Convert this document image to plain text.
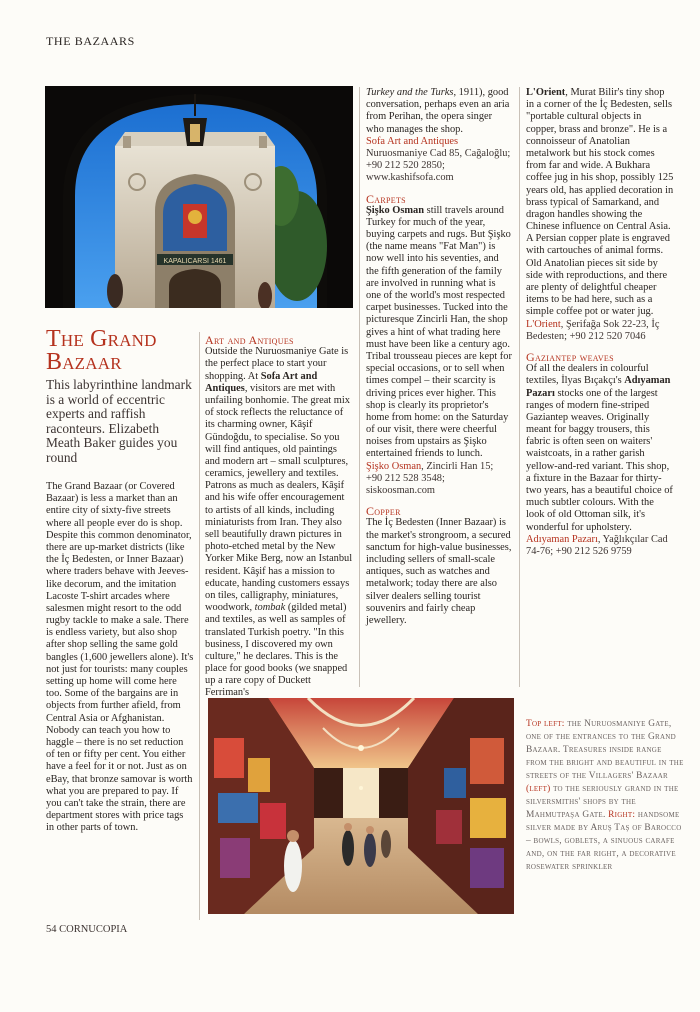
THE BAZAARS
KAPALICARSI 1461
The Grand Bazaar
This labyrinthine landmark is a world of eccentric experts and raffish raconteurs. Elizabeth Meath Baker guides you round

The Grand Bazaar (or Covered Bazaar) is less a market than an entire city of sixty-five streets where all people ever do is shop. Despite this common denominator, there are up-market districts (like the İç Bedesten, or Inner Bazaar) where traders behave with Jeeves-like decorum, and the imitation Lacoste T-shirt arcades where salesmen might resort to the odd rugby tackle to make a sale. There is endless variety, but also shop after shop selling the same gold bangles (1,600 jewellers alone). It's not just for tourists: many couples setting up home will come here too. Some of the bargains are in objects from further afield, from Central Asia or Afghanistan. Nobody can teach you how to haggle – there is no set reduction of ten or fifty per cent. You either have a feel for it or not. Just as on eBay, that bronze samovar is worth what you are prepared to pay. If you can't take the strain, there are department stores with price tags in other parts of town.

Art and Antiques

Outside the Nuruosmaniye Gate is the perfect place to start your shopping. At Sofa Art and Antiques, visitors are met with unfailing bonhomie. The great mix of stock reflects the reluctance of its charming owner, Kâşif Gündoğdu, to specialise. So you will find antiques, old paintings and modern art – small sculptures, ceramics, jewellery and textiles. Patrons as much as dealers, Kâşif and his wife offer encouragement to artists of all kinds, including miniaturists from Iran. They also sell beautifully drawn pictures in photo-etched metal by the New Yorker Mike Berg, now an Istanbul resident. Kâşif has a mission to educate, handing customers essays on tiles, calligraphy, miniatures, woodwork, tombak (gilded metal) and textiles, as well as samples of translated Turkish poetry. "In this business, I discovered my own culture," he declares. This is the place for good books (we snapped up a rare copy of Duckett Ferriman's

Turkey and the Turks, 1911), good conversation, perhaps even an aria from Perihan, the opera singer who manages the shop.

Sofa Art and Antiques
Nuruosmaniye Cad 85, Cağaloğlu; +90 212 520 2850; www.kashifsofa.com

Carpets

Şişko Osman still travels around Turkey for much of the year, buying carpets and rugs. But Şişko (the name means "Fat Man") is now well into his seventies, and the fifth generation of the family are involved in running what is one of the world's most respected carpet businesses. Tucked into the picturesque Zincirli Han, the shop gives a hint of what trading here must have been like a century ago. Tribal trousseau pieces are kept for special occasions, or to sell when times compel – their scarcity is driving prices ever higher. This shop is clearly its proprietor's home from home: on the Saturday of our visit, there were cheerful noises from upstairs as Şişko entertained friends to lunch.

Şişko Osman, Zincirli Han 15; +90 212 528 3548; siskoosman.com

Copper

The İç Bedesten (Inner Bazaar) is the market's strongroom, a secured sanctum for high-value businesses, including sellers of small-scale antiques, such as watches and metalwork; today there are also silver dealers selling tourist souvenirs and fairly cheap jewellery.

L'Orient, Murat Bilir's tiny shop in a corner of the İç Bedesten, sells "portable cultural objects in copper, brass and bronze". He is a connoisseur of Anatolian metalwork but his stock comes from far and wide. A Bukhara coffee jug in his shop, possibly 125 years old, has applied decoration in brass typical of Samarkand, and dragon handles showing the Chinese influence on Central Asia. A Persian copper plate is engraved with cartouches of animal forms. Old Anatolian pieces sit side by side with reproductions, and there are plenty of delightful cheaper items to be had here, such as a simple coffee pot or water jug.

L'Orient, Şerifağa Sok 22-23, İç Bedesten; +90 212 520 7046

Gaziantep weaves

Of all the dealers in colourful textiles, İlyas Bıçakçı's Adıyaman Pazarı stocks one of the largest ranges of modern fine-striped Gaziantep weaves. Originally meant for baggy trousers, this fabric is often seen on waiters' waistcoats, in a rather garish yellow-and-red variant. This shop, a fixture in the Bazaar for thirty-two years, has a beautiful choice of much subtler colours. With the look of old Ottoman silk, it's wonderful for upholstery.

Adıyaman Pazarı, Yağlıkçılar Cad 74-76; +90 212 526 9759

Top left: the Nuruosmaniye Gate, one of the entrances to the Grand Bazaar. Treasures inside range from the bright and beautiful in the streets of the Villagers' Bazaar (left) to the seriously grand in the silversmiths' shops by the Mahmutpaşa Gate. Right: handsome silver made by Aruş Taş of Barocco – bowls, goblets, a sinuous carafe and, on the far right, a decorative rosewater sprinkler
54 CORNUCOPIA
